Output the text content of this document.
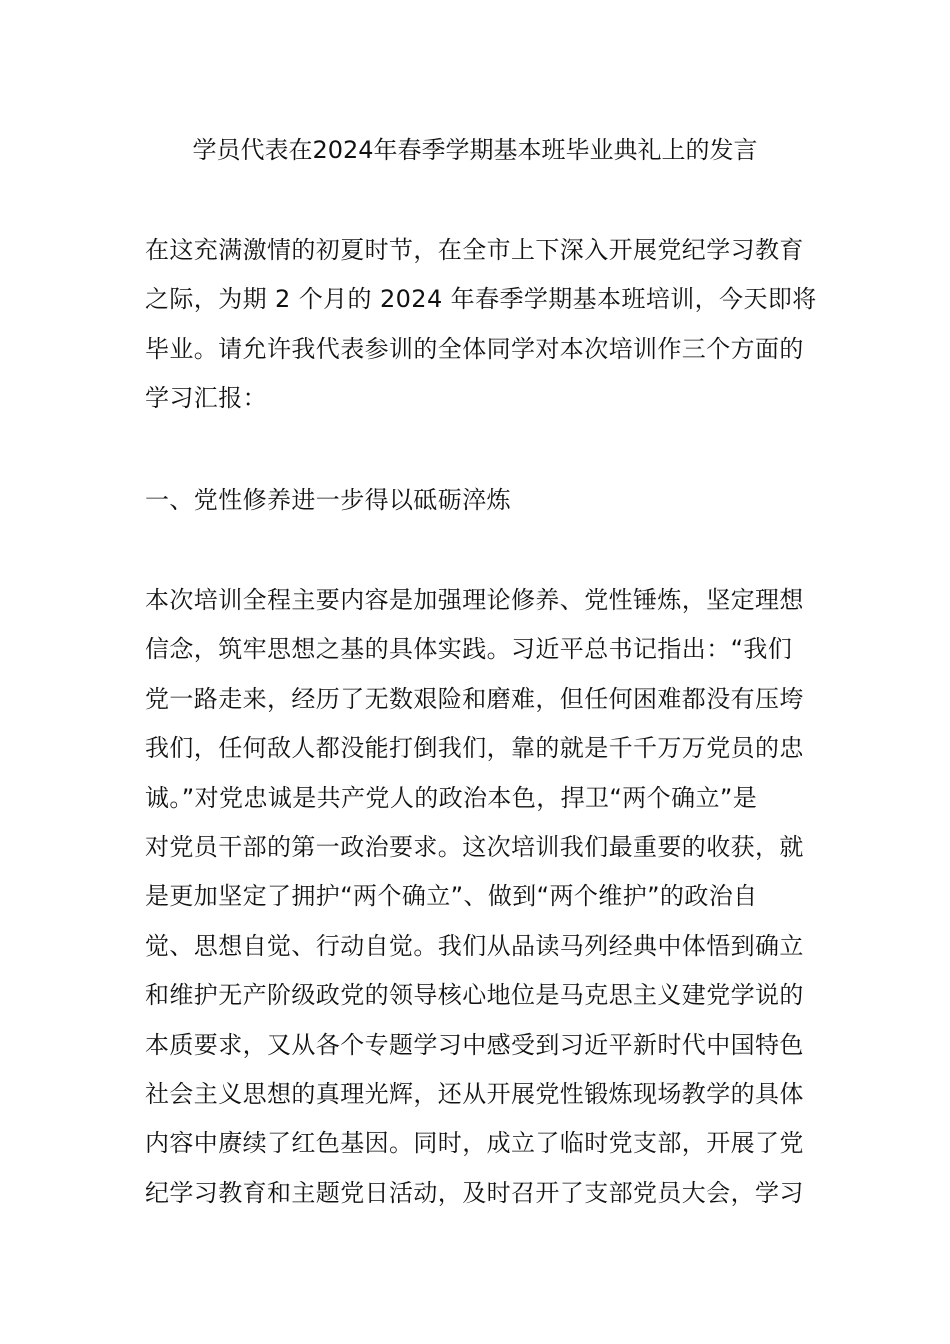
学员代表在2024年春季学期基本班毕业典礼上的发言
在这充满激情的初夏时节，在全市上下深入开展党纪学习教育
之际，为期 2 个月的 2024 年春季学期基本班培训，今天即将
毕业。请允许我代表参训的全体同学对本次培训作三个方面的
学习汇报：
一、党性修养进一步得以砥砺淬炼
本次培训全程主要内容是加强理论修养、党性锤炼，坚定理想
信念，筑牢思想之基的具体实践。习近平总书记指出：“我们
党一路走来，经历了无数艰险和磨难，但任何困难都没有压垮
我们，任何敌人都没能打倒我们，靠的就是千千万万党员的忠
诚。”对党忠诚是共产党人的政治本色，捍卫“两个确立”是
对党员干部的第一政治要求。这次培训我们最重要的收获，就
是更加坚定了拥护“两个确立”、做到“两个维护”的政治自
觉、思想自觉、行动自觉。我们从品读马列经典中体悟到确立
和维护无产阶级政党的领导核心地位是马克思主义建党学说的
本质要求，又从各个专题学习中感受到习近平新时代中国特色
社会主义思想的真理光辉，还从开展党性锻炼现场教学的具体
内容中赓续了红色基因。同时，成立了临时党支部，开展了党
纪学习教育和主题党日活动，及时召开了支部党员大会，学习
